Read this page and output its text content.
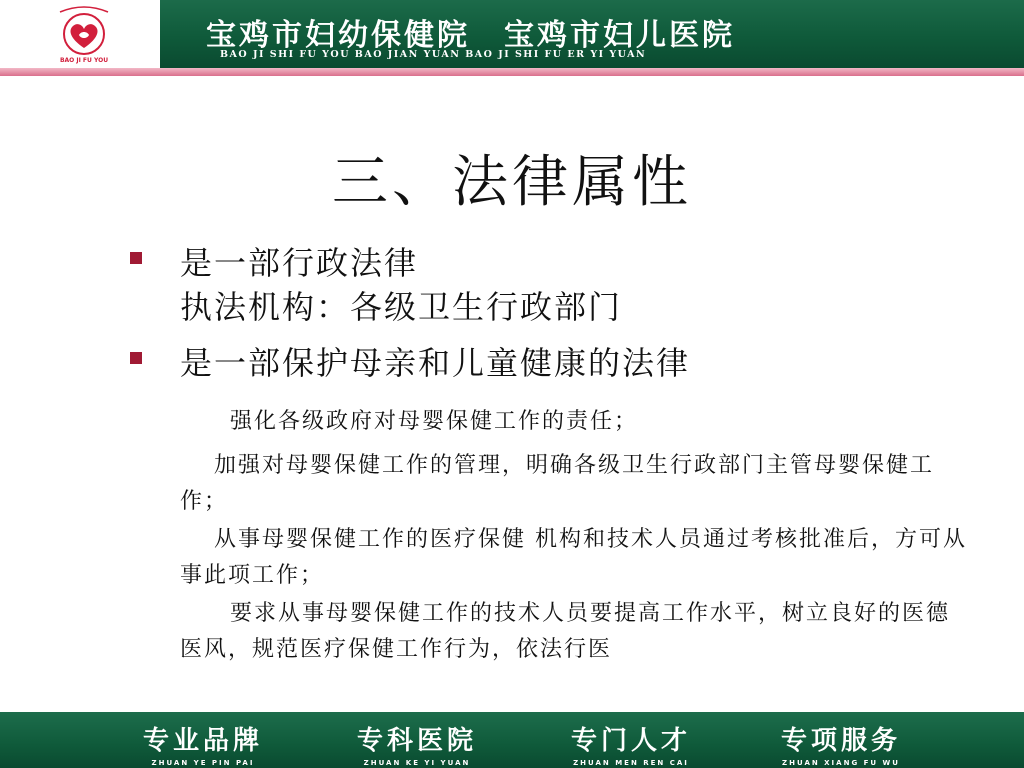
BAO JI FU YOU
宝鸡市妇幼保健院 宝鸡市妇儿医院
BAO JI SHI FU YOU BAO JIAN YUAN BAO JI SHI FU ER YI YUAN
三、法律属性
是一部行政法律
执法机构：各级卫生行政部门
是一部保护母亲和儿童健康的法律
强化各级政府对母婴保健工作的责任；
加强对母婴保健工作的管理，明确各级卫生行政部门主管母婴保健工作；
从事母婴保健工作的医疗保健 机构和技术人员通过考核批准后，方可从事此项工作；
要求从事母婴保健工作的技术人员要提高工作水平，树立良好的医德医风，规范医疗保健工作行为，依法行医
专业品牌
ZHUAN YE PIN PAI
专科医院
ZHUAN KE YI YUAN
专门人才
ZHUAN MEN REN CAI
专项服务
ZHUAN XIANG FU WU
